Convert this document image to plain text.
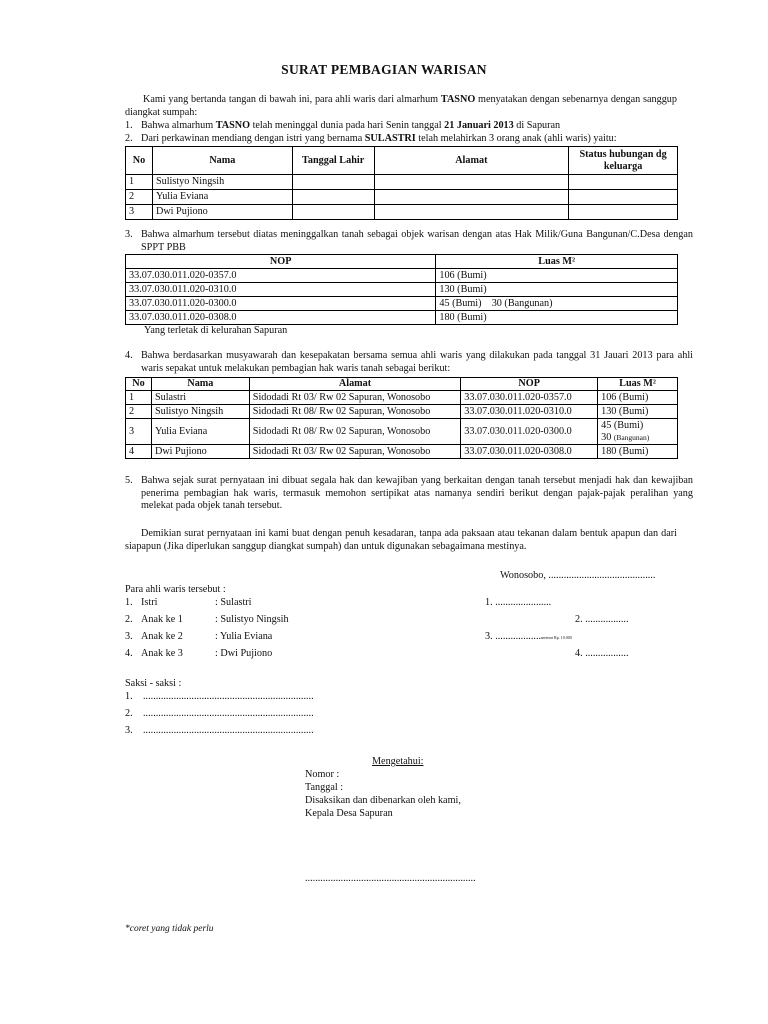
SURAT PEMBAGIAN WARISAN
Kami yang bertanda tangan di bawah ini, para ahli waris dari almarhum TASNO menyatakan dengan sebenarnya dengan sanggup diangkat sumpah:
1. Bahwa almarhum TASNO telah meninggal dunia pada hari Senin tanggal 21 Januari 2013 di Sapuran
2. Dari perkawinan mendiang dengan istri yang bernama SULASTRI telah melahirkan 3 orang anak (ahli waris) yaitu:
No	Nama	Tanggal Lahir	Alamat	Status hubungan dg keluarga
1	Sulistyo Ningsih			
2	Yulia Eviana			
3	Dwi Pujiono			
3. Bahwa almarhum tersebut diatas meninggalkan tanah sebagai objek warisan dengan atas Hak Milik/Guna Bangunan/C.Desa dengan SPPT PBB
NOP	Luas M²
33.07.030.011.020-0357.0	106 (Bumi)
33.07.030.011.020-0310.0	130 (Bumi)
33.07.030.011.020-0300.0	45 (Bumi)    30 (Bangunan)
33.07.030.011.020-0308.0	180 (Bumi)
Yang terletak di kelurahan Sapuran
4. Bahwa berdasarkan musyawarah dan kesepakatan bersama semua ahli waris yang dilakukan pada tanggal 31 Jauari 2013 para ahli waris sepakat untuk melakukan pembagian hak waris tanah sebagai berikut:
No	Nama	Alamat	NOP	Luas M²
1	Sulastri	Sidodadi Rt 03/ Rw 02 Sapuran, Wonosobo	33.07.030.011.020-0357.0	106 (Bumi)
2	Sulistyo Ningsih	Sidodadi Rt 08/ Rw 02 Sapuran, Wonosobo	33.07.030.011.020-0310.0	130 (Bumi)
3	Yulia Eviana	Sidodadi Rt 08/ Rw 02 Sapuran, Wonosobo	33.07.030.011.020-0300.0	45 (Bumi)
30 (Bangunan)

4	Dwi Pujiono	Sidodadi Rt 03/ Rw 02 Sapuran, Wonosobo	33.07.030.011.020-0308.0	180 (Bumi)
5. Bahwa sejak surat pernyataan ini dibuat segala hak dan kewajiban yang berkaitan dengan tanah tersebut menjadi hak dan kewajiban penerima pembagian hak waris, termasuk memohon sertipikat atas namanya sendiri berikut dengan pajak-pajak peralihan yang melekat pada objek tanah tersebut.
Demikian surat pernyataan ini kami buat dengan penuh kesadaran, tanpa ada paksaan atau tekanan dalam bentuk apapun dan dari siapapun (Jika diperlukan sanggup diangkat sumpah) dan untuk digunakan sebagaimana mestinya.
Wonosobo, ..........................................
Para ahli waris tersebut :
1. Istri	: Sulastri	1. ......................
2. Anak ke 1	: Sulistyo Ningsih	2. .................
3. Anak ke 2	: Yulia Eviana	3. ..................meterai Rp. 10.000
4. Anak ke 3	: Dwi Pujiono	4. .................
Saksi - saksi :
1. ...................................................................
2. ...................................................................
3. ...................................................................
Mengetahui:
Nomor :
Tanggal :
Disaksikan dan dibenarkan oleh kami,
Kepala Desa Sapuran
...................................................................
*coret yang tidak perlu
